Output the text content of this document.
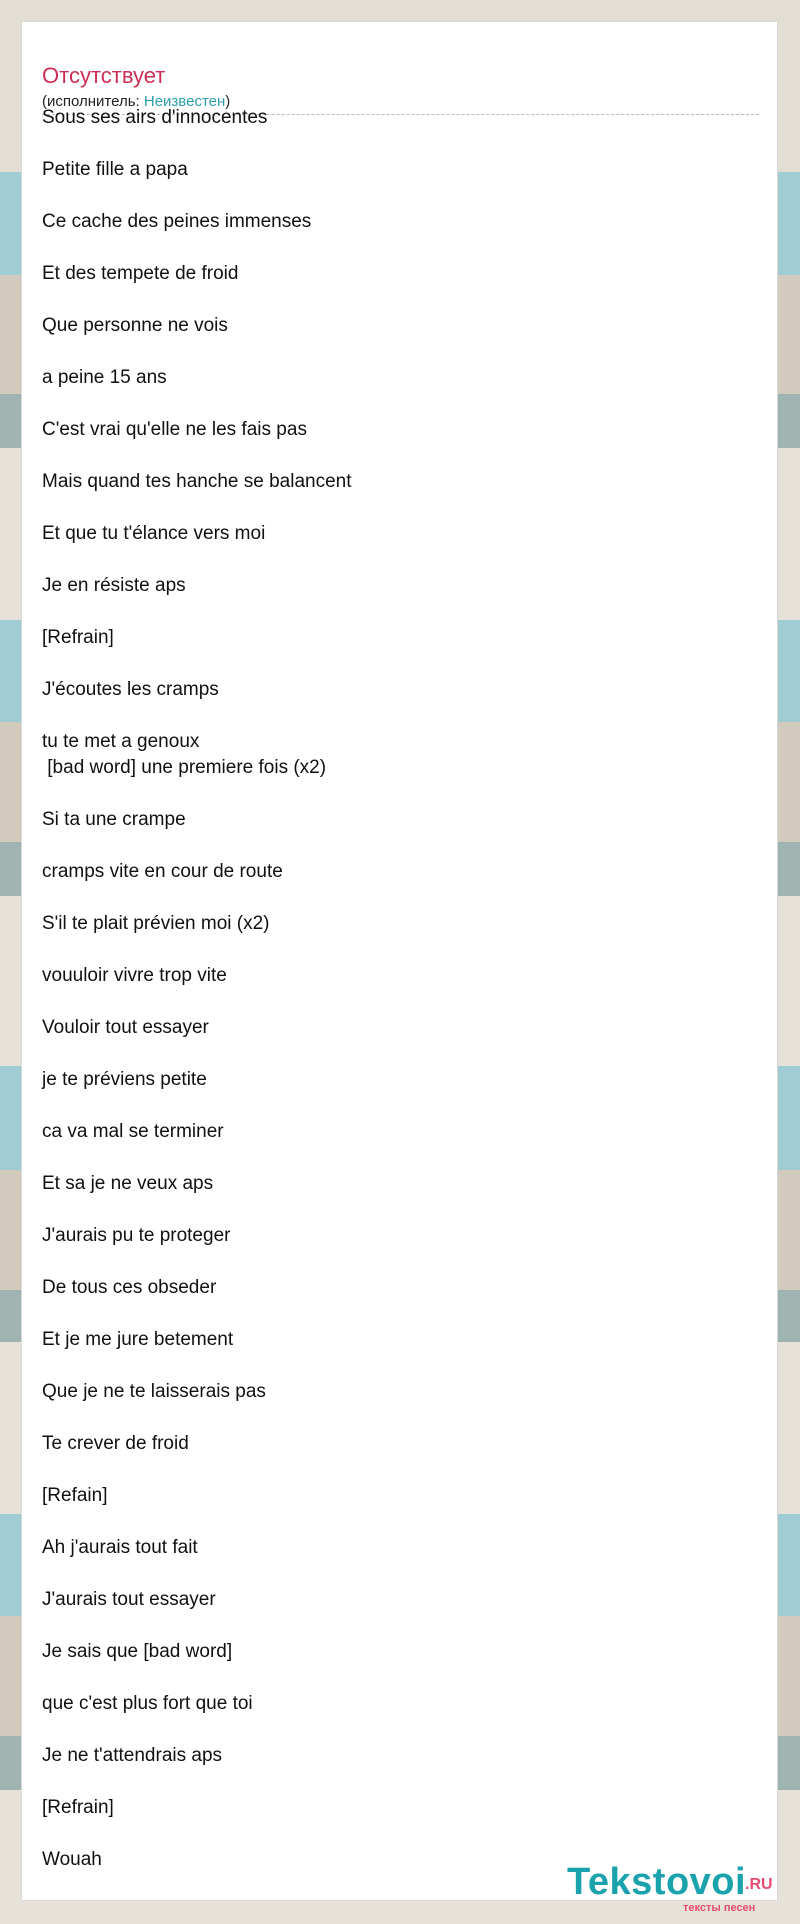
Отсутствует
(исполнитель: Неизвестен)
Sous ses airs d'innocentes
Petite fille a papa
Ce cache des peines immenses
Et des tempete de froid
Que personne ne vois
a peine 15 ans
C'est vrai qu'elle ne les fais pas
Mais quand tes hanche se balancent
Et que tu t'élance vers moi
Je en résiste aps
[Refrain]
J'écoutes les cramps
tu te met a genoux
[bad word] une premiere fois (x2)
Si ta une crampe
cramps vite en cour de route
S'il te plait prévien moi (x2)
vouuloir vivre trop vite
Vouloir tout essayer
je te préviens petite
ca va mal se terminer
Et sa je ne veux aps
J'aurais pu te proteger
De tous ces obseder
Et je me jure betement
Que je ne te laisserais pas
Te crever de froid
[Refain]
Ah j'aurais tout fait
J'aurais tout essayer
Je sais que [bad word]
que c'est plus fort que toi
Je ne t'attendrais aps
[Refrain]
Wouah
Tekstovoi
.RU
тексты песен
